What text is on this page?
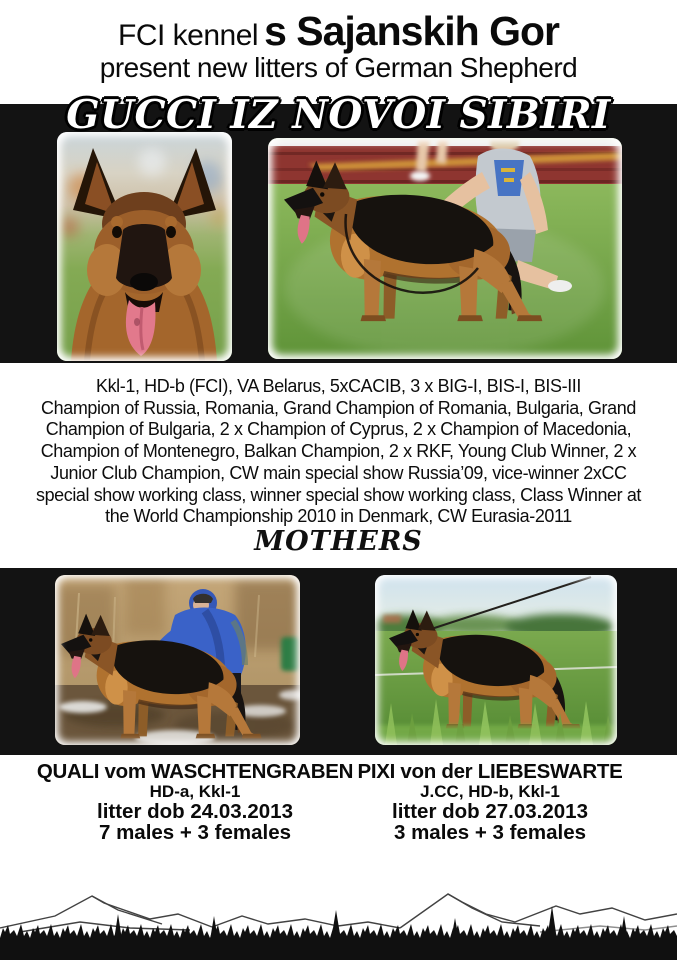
FCI kennel s Sajanskih Gor
present new litters of German Shepherd
GUCCI IZ NOVOI SIBIRI
Kkl-1, HD-b (FCI), VA Belarus, 5xCACIB, 3 x BIG-I, BIS-I, BIS-III
Champion of Russia, Romania, Grand Champion of Romania, Bulgaria, Grand
Champion of Bulgaria, 2 x Champion of Cyprus, 2 x Champion of Macedonia,
Champion of Montenegro, Balkan Champion, 2 x RKF, Young Club Winner, 2 x
Junior Club Champion, CW main special show Russia’09, vice-winner 2xCC
special show working class, winner special show working class, Class Winner at
the World Championship 2010 in Denmark, CW Eurasia-2011
MOTHERS
QUALI vom WASCHTENGRABEN
HD-a, Kkl-1
litter dob 24.03.2013
7 males + 3 females
PIXI von der LIEBESWARTE
J.CC, HD-b, Kkl-1
litter dob 27.03.2013
3 males + 3 females
